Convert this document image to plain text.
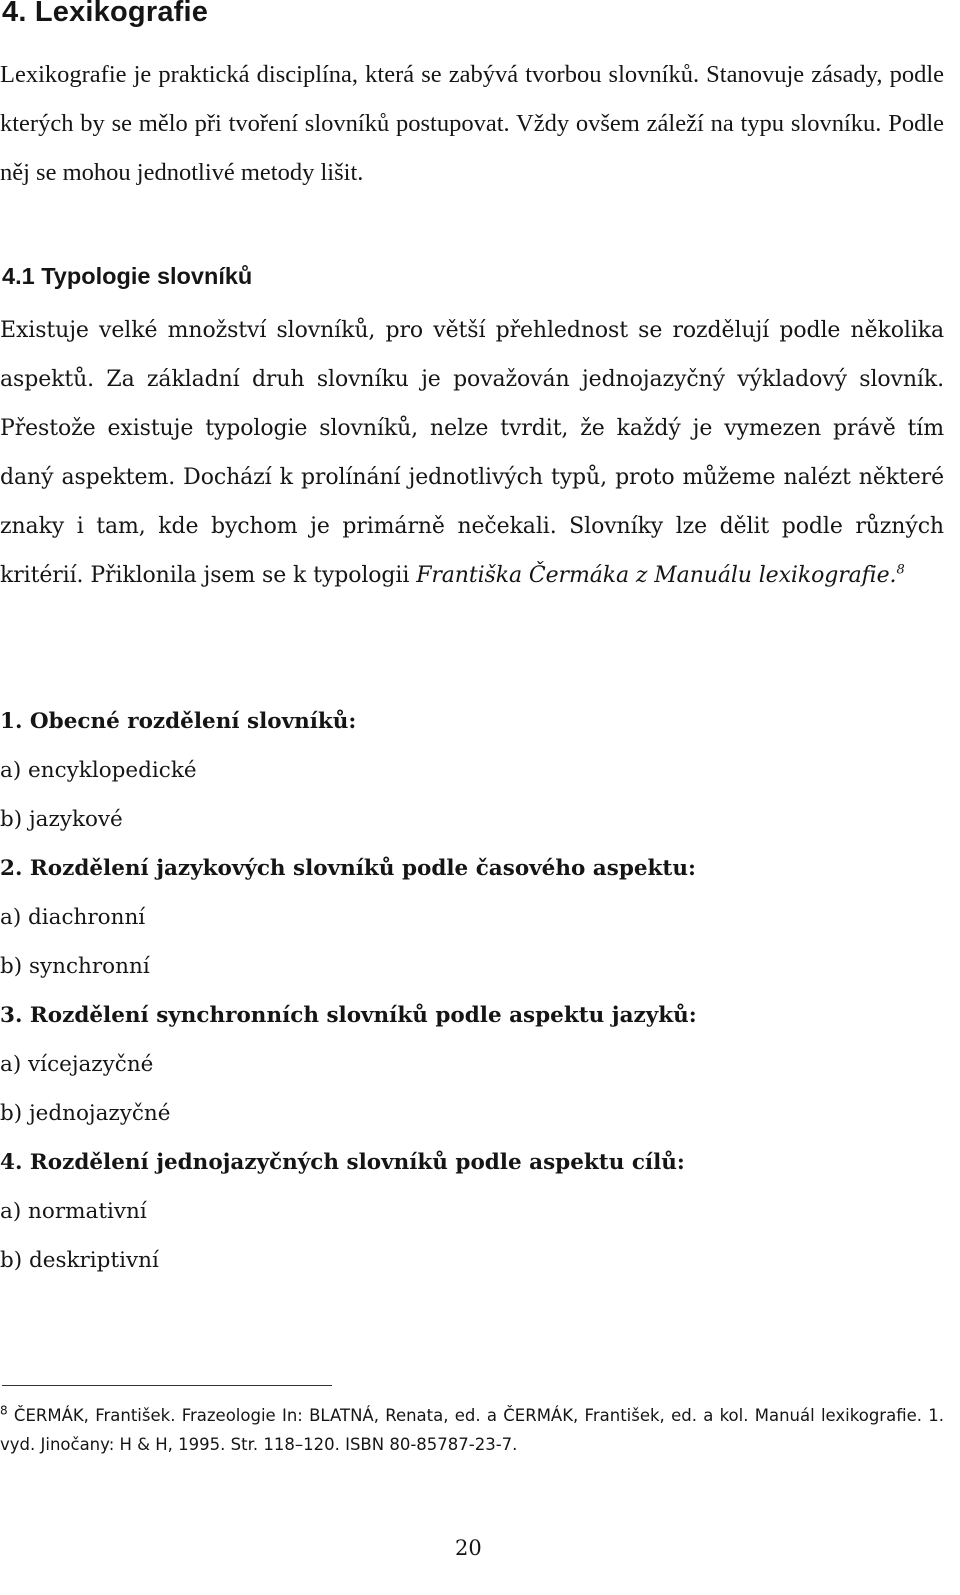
4. Lexikografie

Lexikografie je praktická disciplína, která se zabývá tvorbou slovníků. Stanovuje zásady, podle kterých by se mělo při tvoření slovníků postupovat. Vždy ovšem záleží na typu slovníku. Podle něj se mohou jednotlivé metody lišit.

4.1 Typologie slovníků

Existuje velké množství slovníků, pro větší přehlednost se rozdělují podle několika aspektů. Za základní druh slovníku je považován jednojazyčný výkladový slovník. Přestože existuje typologie slovníků, nelze tvrdit, že každý je vymezen právě tím daný aspektem. Dochází k prolínání jednotlivých typů, proto můžeme nalézt některé znaky i tam, kde bychom je primárně nečekali. Slovníky lze dělit podle různých kritérií. Přiklonila jsem se k typologii Františka Čermáka z Manuálu lexikografie.$^8$

1. Obecné rozdělení slovníků:
a) encyklopedické
b) jazykové
2. Rozdělení jazykových slovníků podle časového aspektu:
a) diachronní
b) synchronní
3. Rozdělení synchronních slovníků podle aspektu jazyků:
a) vícejazyčné
b) jednojazyčné
4. Rozdělení jednojazyčných slovníků podle aspektu cílů:
a) normativní
b) deskriptivní

$^8$ ČERMÁK, František. Frazeologie In: BLATNÁ, Renata, ed. a ČERMÁK, František, ed. a kol. Manuál lexikografie. 1. vyd. Jinočany: H & H, 1995. Str. 118–120. ISBN 80-85787-23-7.

20
